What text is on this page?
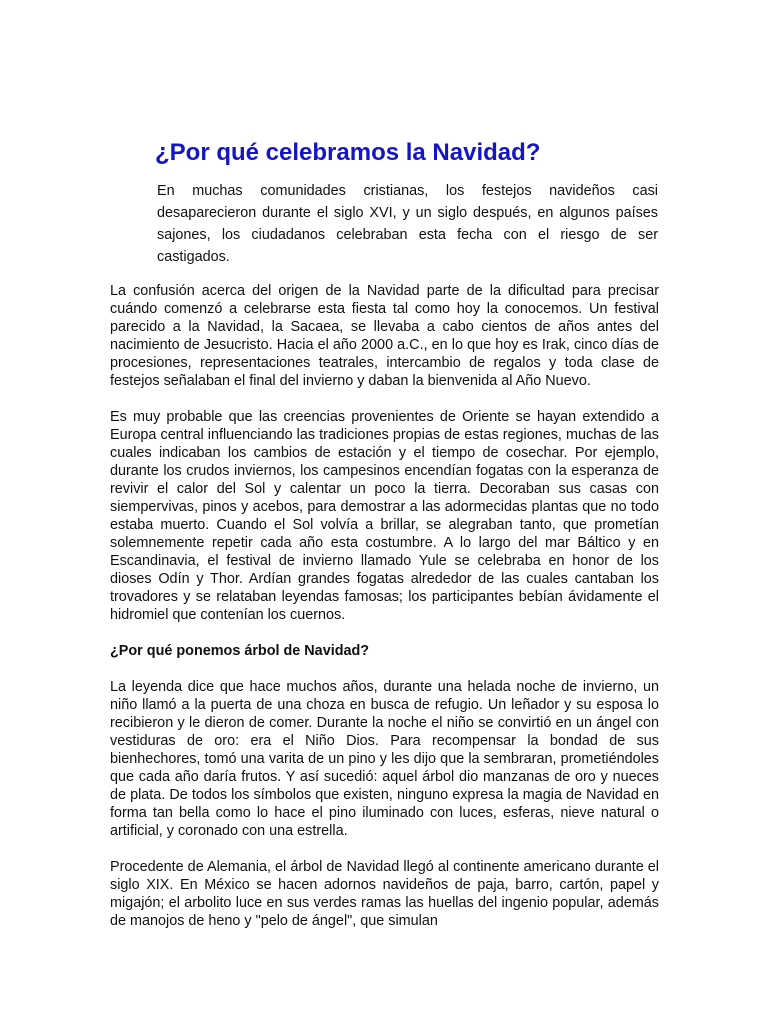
¿Por qué celebramos la Navidad?

En muchas comunidades cristianas, los festejos navideños casi desaparecieron durante el siglo XVI, y un siglo después, en algunos países sajones, los ciudadanos celebraban esta fecha con el riesgo de ser castigados.

La confusión acerca del origen de la Navidad parte de la dificultad para precisar cuándo comenzó a celebrarse esta fiesta tal como hoy la conocemos. Un festival parecido a la Navidad, la Sacaea, se llevaba a cabo cientos de años antes del nacimiento de Jesucristo. Hacia el año 2000 a.C., en lo que hoy es Irak, cinco días de procesiones, representaciones teatrales, intercambio de regalos y toda clase de festejos señalaban el final del invierno y daban la bienvenida al Año Nuevo.

Es muy probable que las creencias provenientes de Oriente se hayan extendido a Europa central influenciando las tradiciones propias de estas regiones, muchas de las cuales indicaban los cambios de estación y el tiempo de cosechar. Por ejemplo, durante los crudos inviernos, los campesinos encendían fogatas con la esperanza de revivir el calor del Sol y calentar un poco la tierra. Decoraban sus casas con siempervivas, pinos y acebos, para demostrar a las adormecidas plantas que no todo estaba muerto. Cuando el Sol volvía a brillar, se alegraban tanto, que prometían solemnemente repetir cada año esta costumbre. A lo largo del mar Báltico y en Escandinavia, el festival de invierno llamado Yule se celebraba en honor de los dioses Odín y Thor. Ardían grandes fogatas alrededor de las cuales cantaban los trovadores y se relataban leyendas famosas; los participantes bebían ávidamente el hidromiel que contenían los cuernos.

¿Por qué ponemos árbol de Navidad?

La leyenda dice que hace muchos años, durante una helada noche de invierno, un niño llamó a la puerta de una choza en busca de refugio. Un leñador y su esposa lo recibieron y le dieron de comer. Durante la noche el niño se convirtió en un ángel con vestiduras de oro: era el Niño Dios. Para recompensar la bondad de sus bienhechores, tomó una varita de un pino y les dijo que la sembraran, prometiéndoles que cada año daría frutos. Y así sucedió: aquel árbol dio manzanas de oro y nueces de plata. De todos los símbolos que existen, ninguno expresa la magia de Navidad en forma tan bella como lo hace el pino iluminado con luces, esferas, nieve natural o artificial, y coronado con una estrella.

Procedente de Alemania, el árbol de Navidad llegó al continente americano durante el siglo XIX. En México se hacen adornos navideños de paja, barro, cartón, papel y migajón; el arbolito luce en sus verdes ramas las huellas del ingenio popular, además de manojos de heno y "pelo de ángel", que simulan
